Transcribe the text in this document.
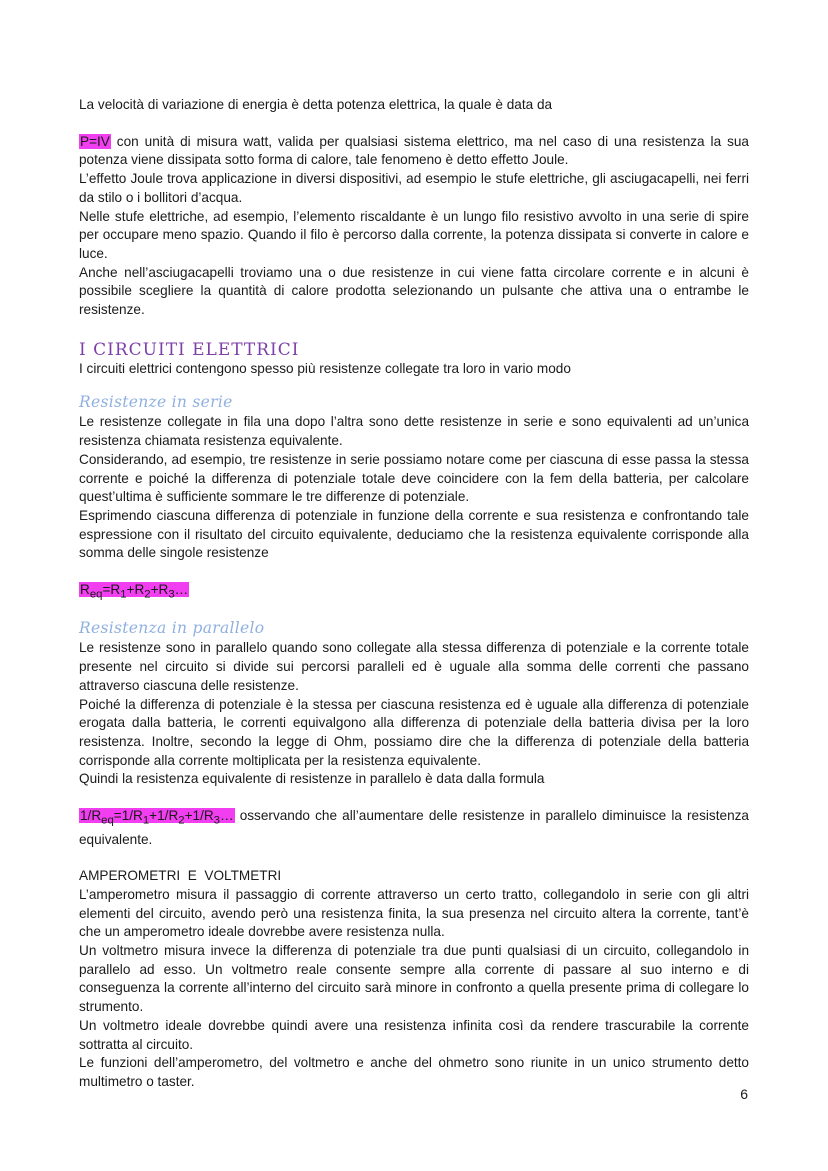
La velocità di variazione di energia è detta potenza elettrica, la quale è data da

P=IV con unità di misura watt, valida per qualsiasi sistema elettrico, ma nel caso di una resistenza la sua potenza viene dissipata sotto forma di calore, tale fenomeno è detto effetto Joule.

L’effetto Joule trova applicazione in diversi dispositivi, ad esempio le stufe elettriche, gli asciugacapelli, nei ferri da stilo o i bollitori d’acqua.

Nelle stufe elettriche, ad esempio, l’elemento riscaldante è un lungo filo resistivo avvolto in una serie di spire per occupare meno spazio. Quando il filo è percorso dalla corrente, la potenza dissipata si converte in calore e luce.

Anche nell’asciugacapelli troviamo una o due resistenze in cui viene fatta circolare corrente e in alcuni è possibile scegliere la quantità di calore prodotta selezionando un pulsante che attiva una o entrambe le resistenze.

I CIRCUITI ELETTRICI

I circuiti elettrici contengono spesso più resistenze collegate tra loro in vario modo

Resistenze in serie

Le resistenze collegate in fila una dopo l’altra sono dette resistenze in serie e sono equivalenti ad un’unica resistenza chiamata resistenza equivalente.

Considerando, ad esempio, tre resistenze in serie possiamo notare come per ciascuna di esse passa la stessa corrente e poiché la differenza di potenziale totale deve coincidere con la fem della batteria, per calcolare quest’ultima è sufficiente sommare le tre differenze di potenziale.

Esprimendo ciascuna differenza di potenziale in funzione della corrente e sua resistenza e confrontando tale espressione con il risultato del circuito equivalente, deduciamo che la resistenza equivalente corrisponde alla somma delle singole resistenze

$R_{eq}=R_1+R_2+R_3\dots$

Resistenza in parallelo

Le resistenze sono in parallelo quando sono collegate alla stessa differenza di potenziale e la corrente totale presente nel circuito si divide sui percorsi paralleli ed è uguale alla somma delle correnti che passano attraverso ciascuna delle resistenze.

Poiché la differenza di potenziale è la stessa per ciascuna resistenza ed è uguale alla differenza di potenziale erogata dalla batteria, le correnti equivalgono alla differenza di potenziale della batteria divisa per la loro resistenza. Inoltre, secondo la legge di Ohm, possiamo dire che la differenza di potenziale della batteria corrisponde alla corrente moltiplicata per la resistenza equivalente.

Quindi la resistenza equivalente di resistenze in parallelo è data dalla formula

$1/R_{eq}=1/R_1+1/R_2+1/R_3\dots$ osservando che all’aumentare delle resistenze in parallelo diminuisce la resistenza equivalente.

AMPEROMETRI  E  VOLTMETRI

L’amperometro misura il passaggio di corrente attraverso un certo tratto, collegandolo in serie con gli altri elementi del circuito, avendo però una resistenza finita, la sua presenza nel circuito altera la corrente, tant’è che un amperometro ideale dovrebbe avere resistenza nulla.

Un voltmetro misura invece la differenza di potenziale tra due punti qualsiasi di un circuito, collegandolo in parallelo ad esso. Un voltmetro reale consente sempre alla corrente di passare al suo interno e di conseguenza la corrente all’interno del circuito sarà minore in confronto a quella presente prima di collegare lo strumento.

Un voltmetro ideale dovrebbe quindi avere una resistenza infinita così da rendere trascurabile la corrente sottratta al circuito.

Le funzioni dell’amperometro, del voltmetro e anche del ohmetro sono riunite in un unico strumento detto multimetro o taster.

6
